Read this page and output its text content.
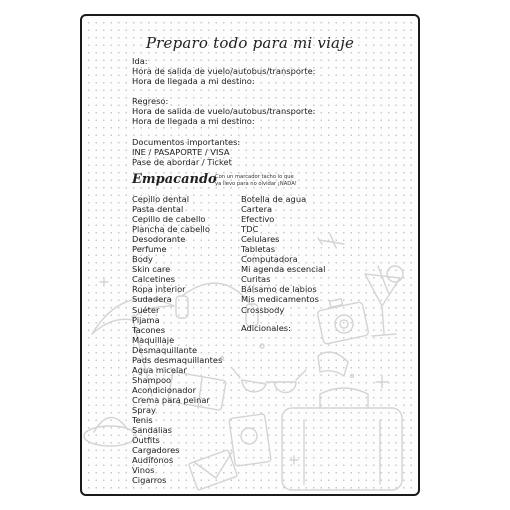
Preparo todo para mi viaje
Ida:
Hora de salida de vuelo/autobus/transporte:
Hora de llegada a mi destino:
Regreso:
Hora de salida de vuelo/autobus/transporte:
Hora de llegada a mi destino:
Documentos importantes:
INE / PASAPORTE / VISA
Pase de abordar / Ticket
Empacando
Con un marcador tacho lo que
ya llevo para no olvidar ¡NADA!
Cepillo dental
Pasta dental
Cepillo de cabello
Plancha de cabello
Desodorante
Perfume
Body
Skin care
Calcetines
Ropa interior
Sudadera
Suéter
Pijama
Tacones
Maquillaje
Desmaquillante
Pads desmaquillantes
Agua micelar
Shampoo
Acondicionador
Crema para peinar
Spray
Tenis
Sandalias
Outfits
Cargadores
Audífonos
Vinos
Cigarros
Botella de agua
Cartera
Efectivo
TDC
Celulares
Tabletas
Computadora
Mi agenda escencial
Curitas
Bálsamo de labios
Mis medicamentos
Crossbody
Adicionales:
